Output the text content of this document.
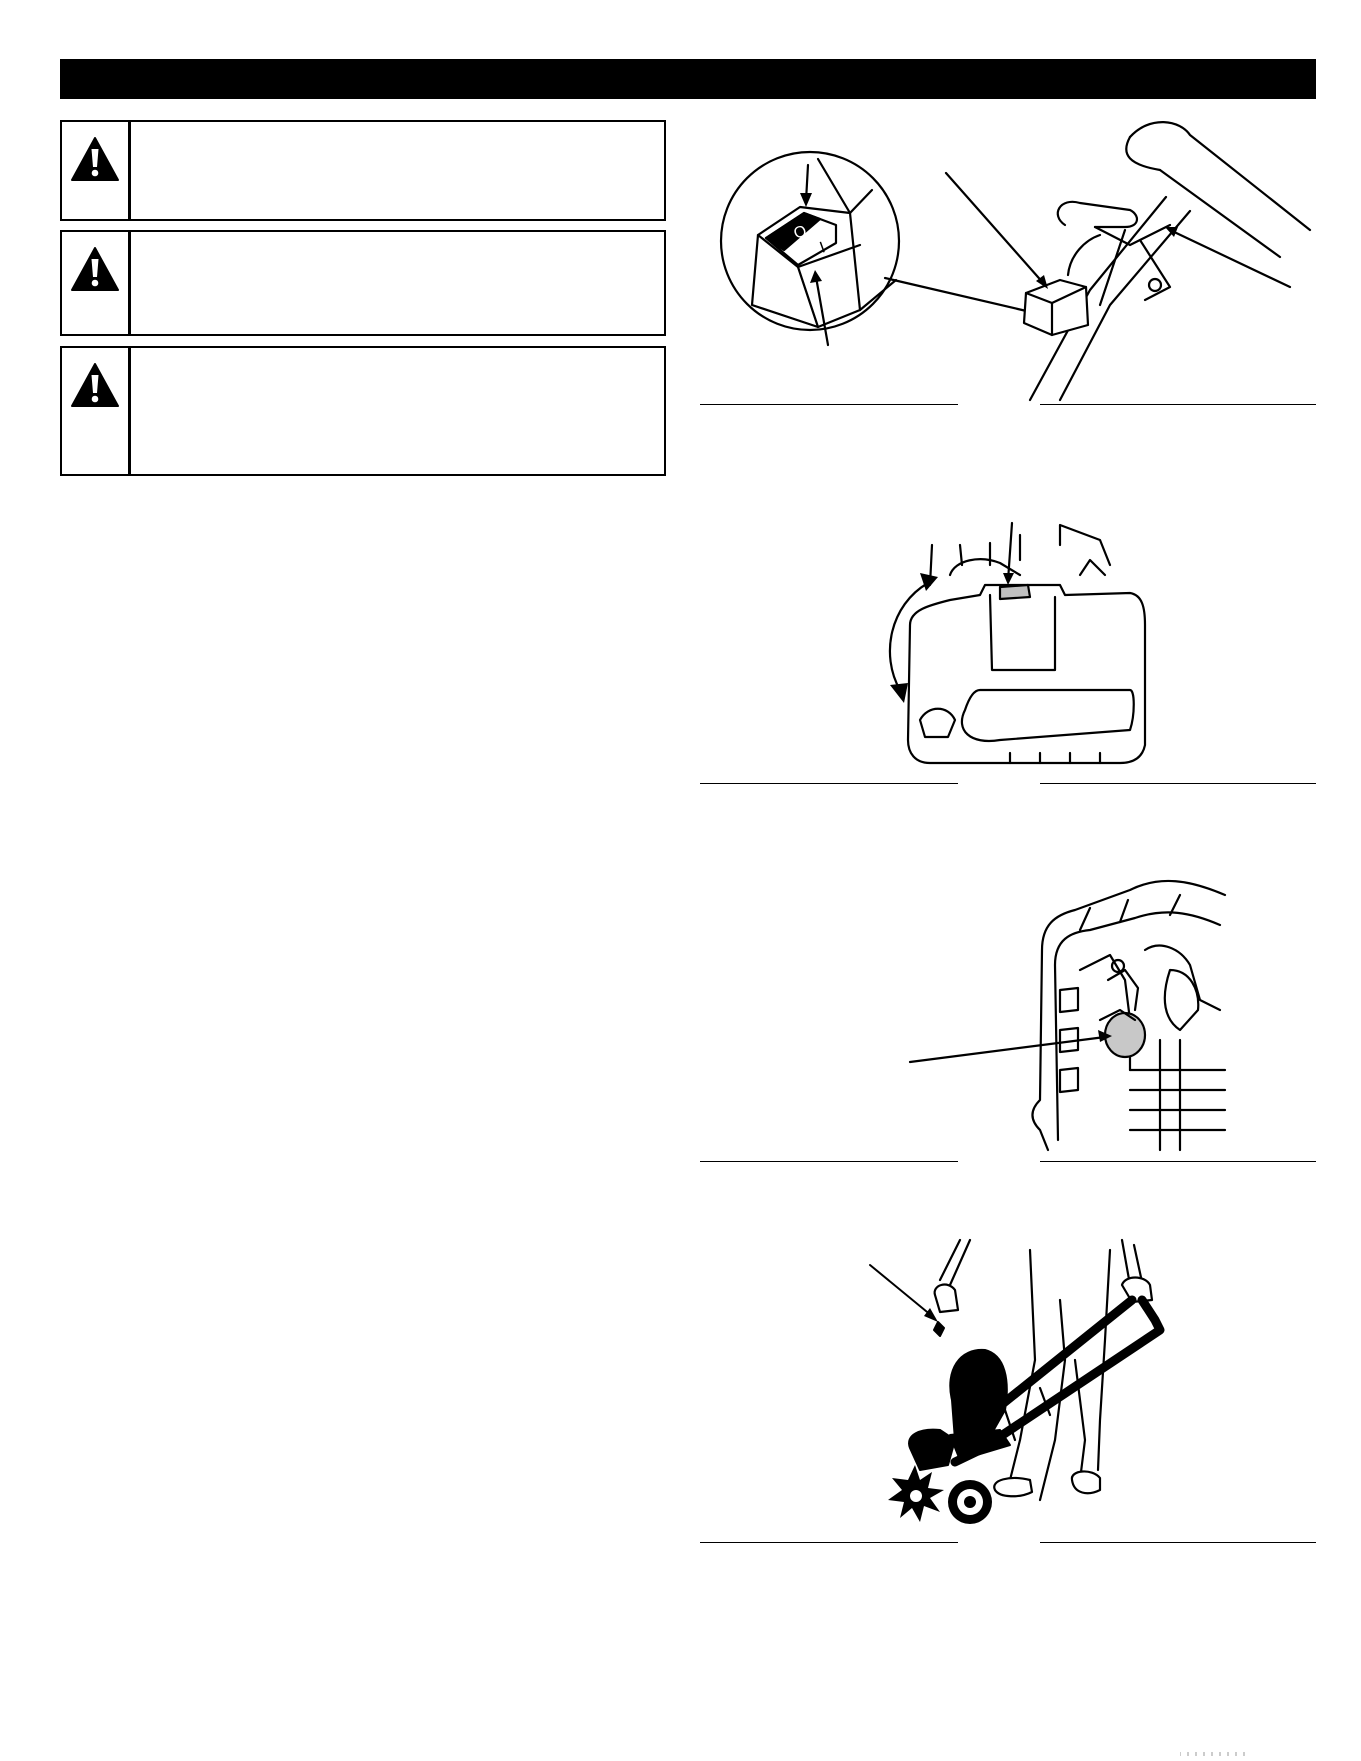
O
I
